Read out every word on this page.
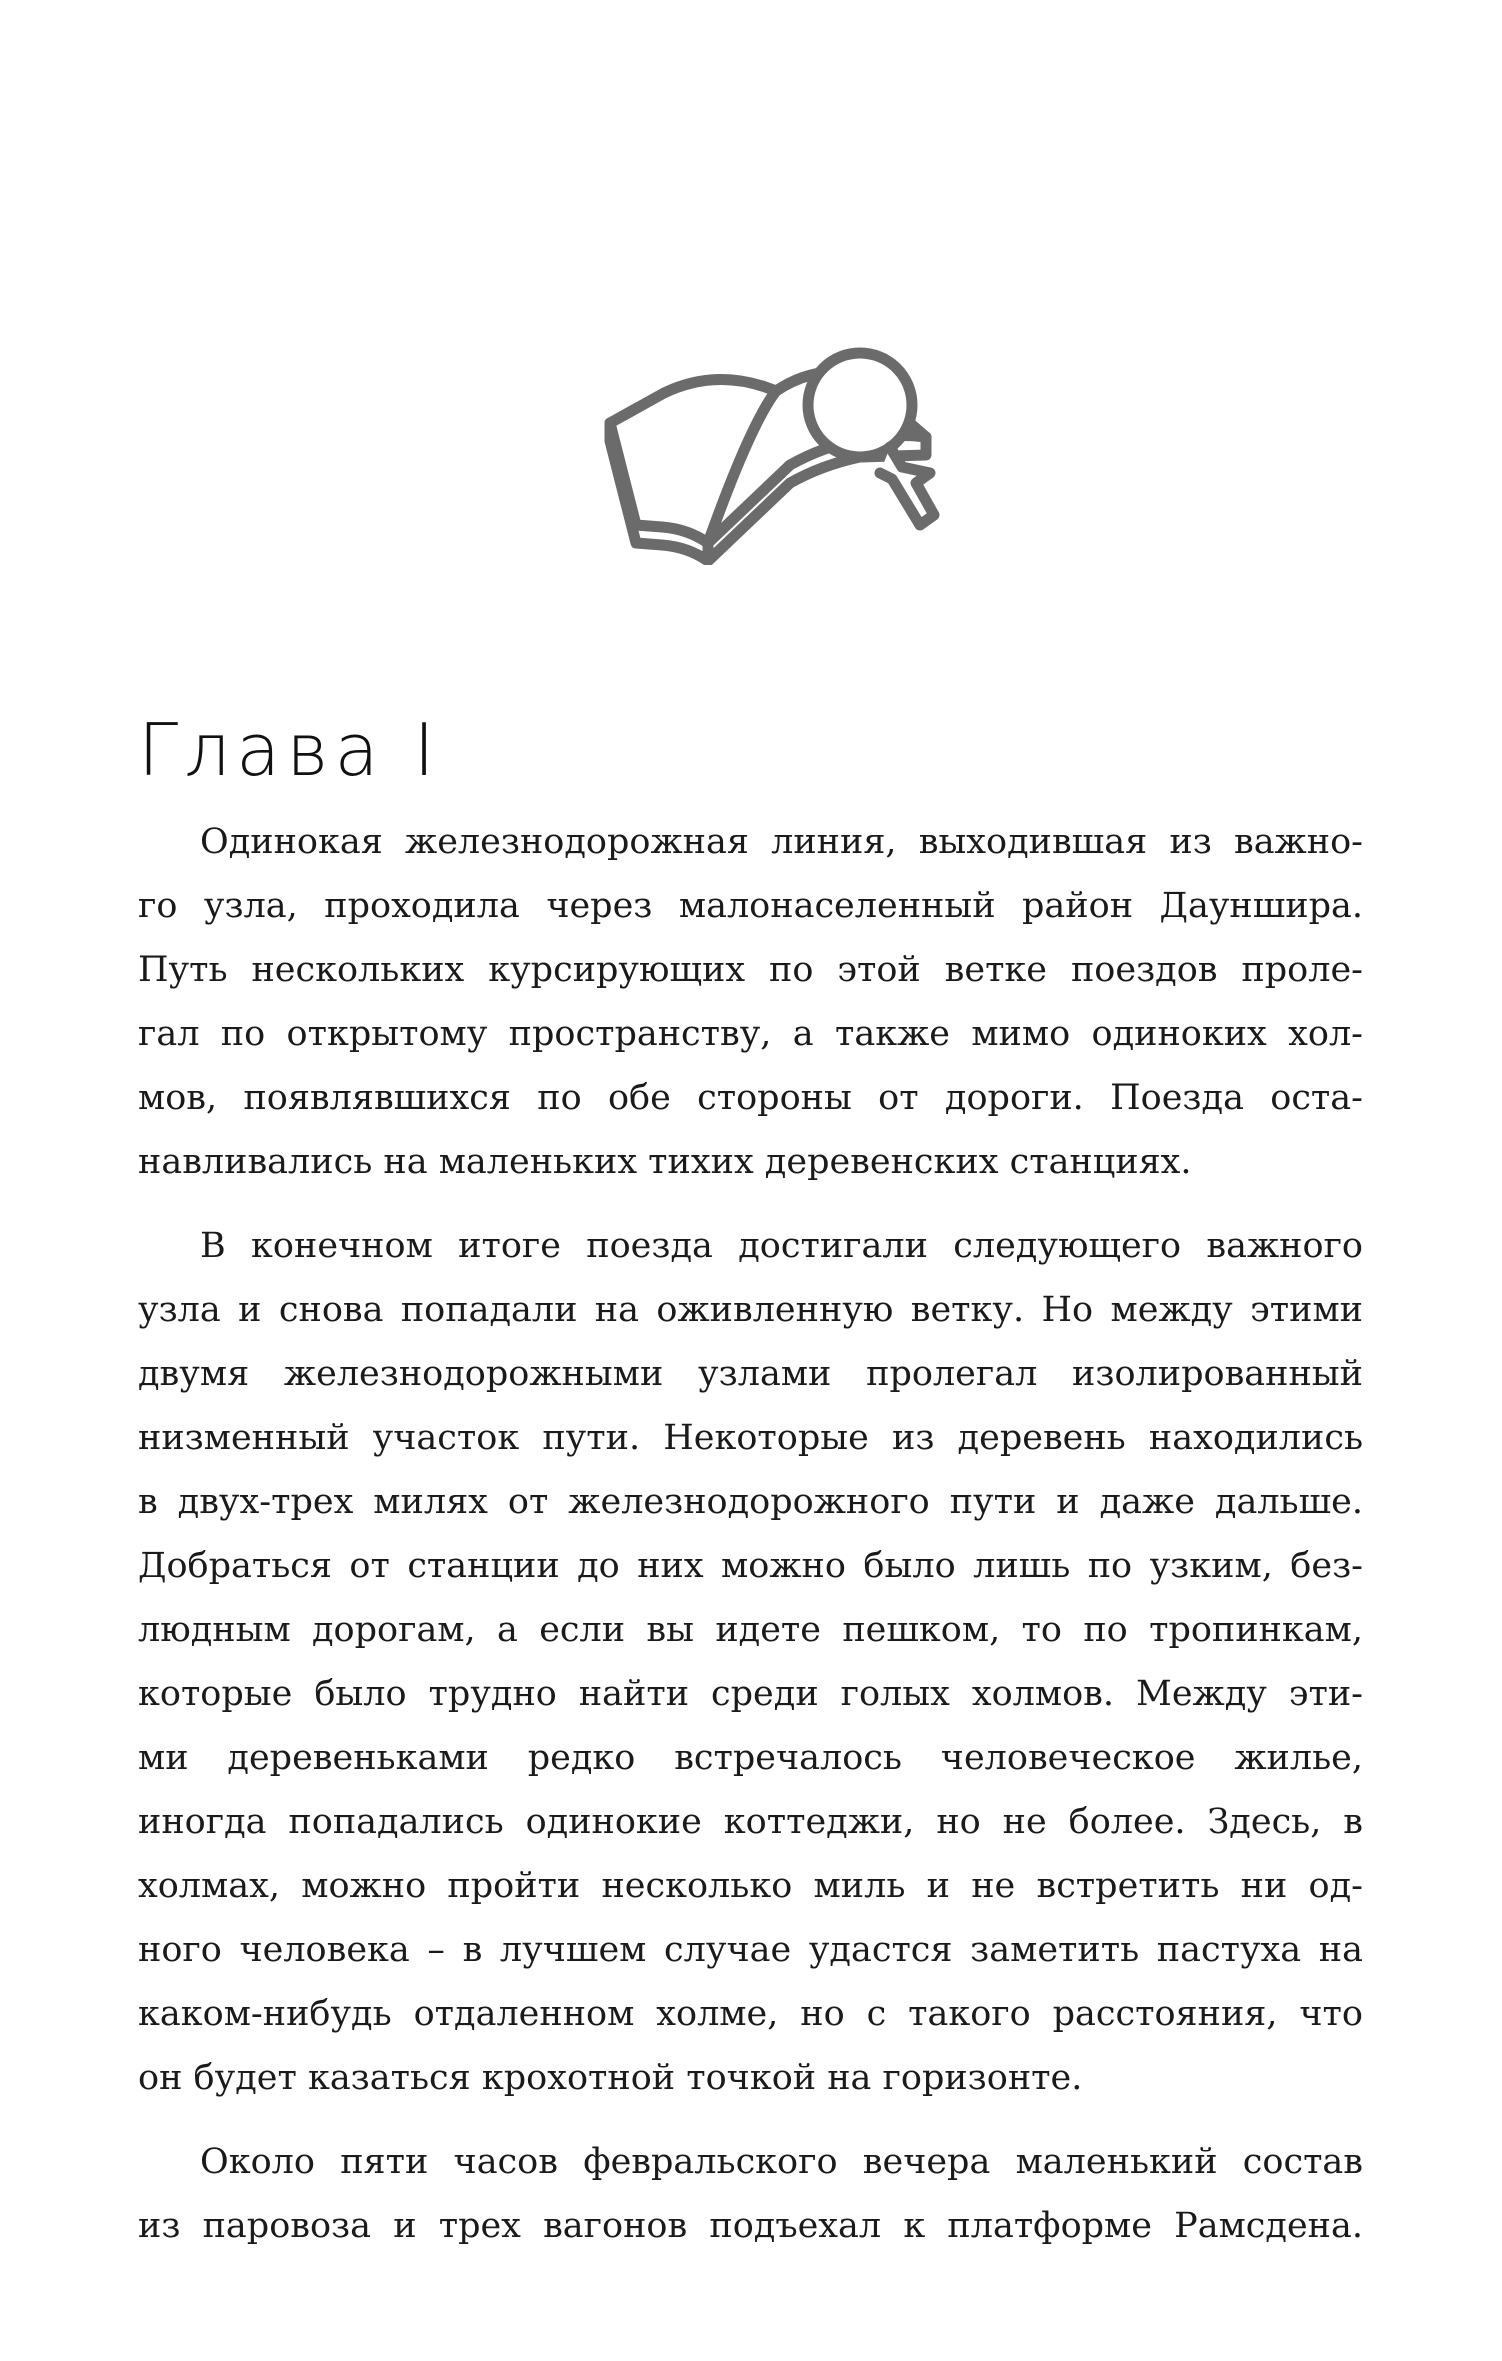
Глава I

Одинокая железнодорожная линия, выходившая из важно-
го узла, проходила через малонаселенный район Дауншира.
Путь нескольких курсирующих по этой ветке поездов проле-
гал по открытому пространству, а также мимо одиноких хол-
мов, появлявшихся по обе стороны от дороги. Поезда оста-
навливались на маленьких тихих деревенских станциях.

В конечном итоге поезда достигали следующего важного
узла и снова попадали на оживленную ветку. Но между этими
двумя железнодорожными узлами пролегал изолированный
низменный участок пути. Некоторые из деревень находились
в двух-трех милях от железнодорожного пути и даже дальше.
Добраться от станции до них можно было лишь по узким, без-
людным дорогам, а если вы идете пешком, то по тропинкам,
которые было трудно найти среди голых холмов. Между эти-
ми деревеньками редко встречалось человеческое жилье,
иногда попадались одинокие коттеджи, но не более. Здесь, в
холмах, можно пройти несколько миль и не встретить ни од-
ного человека – в лучшем случае удастся заметить пастуха на
каком-нибудь отдаленном холме, но с такого расстояния, что
он будет казаться крохотной точкой на горизонте.

Около пяти часов февральского вечера маленький состав
из паровоза и трех вагонов подъехал к платформе Рамсдена.
